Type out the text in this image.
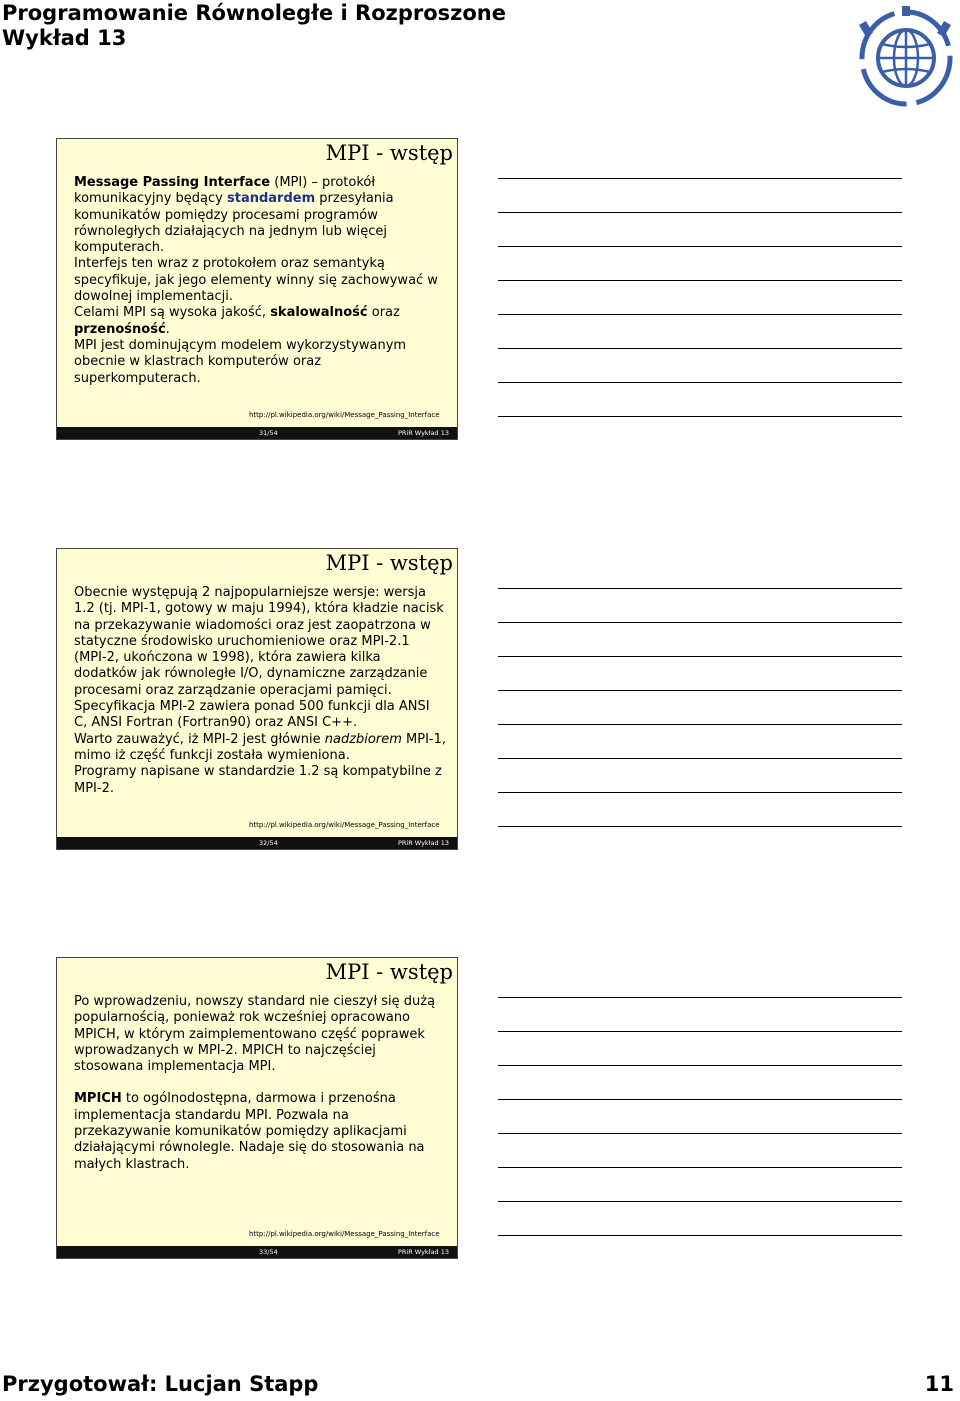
Programowanie Równoległe i Rozproszone
Wykład 13
MPI - wstęp

Message Passing Interface (MPI) – protokół komunikacyjny będący standardem przesyłania komunikatów pomiędzy procesami programów równoległych działających na jednym lub więcej komputerach.

Interfejs ten wraz z protokołem oraz semantyką specyfikuje, jak jego elementy winny się zachowywać w dowolnej implementacji.

Celami MPI są wysoka jakość, skalowalność oraz przenośność.

MPI jest dominującym modelem wykorzystywanym obecnie w klastrach komputerów oraz superkomputerach.

http://pl.wikipedia.org/wiki/Message_Passing_Interface
31/54	PRiR Wykład 13
MPI - wstęp

Obecnie występują 2 najpopularniejsze wersje: wersja 1.2 (tj. MPI-1, gotowy w maju 1994), która kładzie nacisk na przekazywanie wiadomości oraz jest zaopatrzona w statyczne środowisko uruchomieniowe oraz MPI-2.1 (MPI-2, ukończona w 1998), która zawiera kilka dodatków jak równoległe I/O, dynamiczne zarządzanie procesami oraz zarządzanie operacjami pamięci.

Specyfikacja MPI-2 zawiera ponad 500 funkcji dla ANSI C, ANSI Fortran (Fortran90) oraz ANSI C++.

Warto zauważyć, iż MPI-2 jest głównie nadzbiorem MPI-1, mimo iż część funkcji została wymieniona.

Programy napisane w standardzie 1.2 są kompatybilne z MPI-2.

http://pl.wikipedia.org/wiki/Message_Passing_Interface
32/54	PRiR Wykład 13
MPI - wstęp

Po wprowadzeniu, nowszy standard nie cieszył się dużą popularnością, ponieważ rok wcześniej opracowano MPICH, w którym zaimplementowano część poprawek wprowadzanych w MPI-2. MPICH to najczęściej stosowana implementacja MPI.

MPICH to ogólnodostępna, darmowa i przenośna implementacja standardu MPI. Pozwala na przekazywanie komunikatów pomiędzy aplikacjami działającymi równolegle. Nadaje się do stosowania na małych klastrach.

http://pl.wikipedia.org/wiki/Message_Passing_Interface
33/54	PRiR Wykład 13
Przygotował: Lucjan Stapp	11
